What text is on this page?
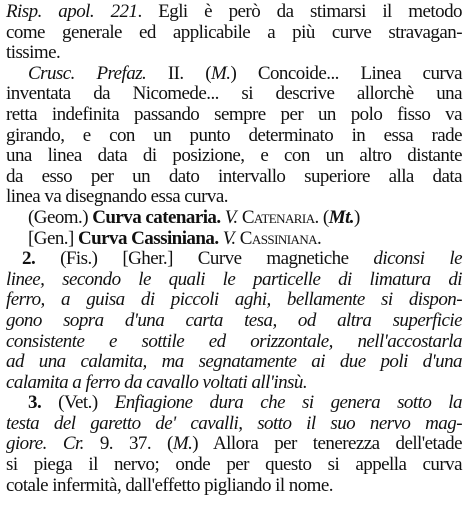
Risp. apol. 221. Egli è però da stimarsi il metodo
come generale ed applicabile a più curve stravagan-
tissime.
Crusc. Prefaz. II. (M.) Concoide... Linea curva
inventata da Nicomede... si descrive allorchè una
retta indefinita passando sempre per un polo fisso va
girando, e con un punto determinato in essa rade
una linea data di posizione, e con un altro distante
da esso per un dato intervallo superiore alla data
linea va disegnando essa curva.
(Geom.) Curva catenaria. V. Catenaria. (Mt.)
[Gen.] Curva Cassiniana. V. Cassiniana.
2. (Fis.) [Gher.] Curve magnetiche diconsi le
linee, secondo le quali le particelle di limatura di
ferro, a guisa di piccoli aghi, bellamente si dispon-
gono sopra d'una carta tesa, od altra superficie
consistente e sottile ed orizzontale, nell'accostarla
ad una calamita, ma segnatamente ai due poli d'una
calamita a ferro da cavallo voltati all'insù.
3. (Vet.) Enfiagione dura che si genera sotto la
testa del garetto de' cavalli, sotto il suo nervo mag-
giore. Cr. 9. 37. (M.) Allora per tenerezza dell'etade
si piega il nervo; onde per questo si appella curva
cotale infermità, dall'effetto pigliando il nome.
